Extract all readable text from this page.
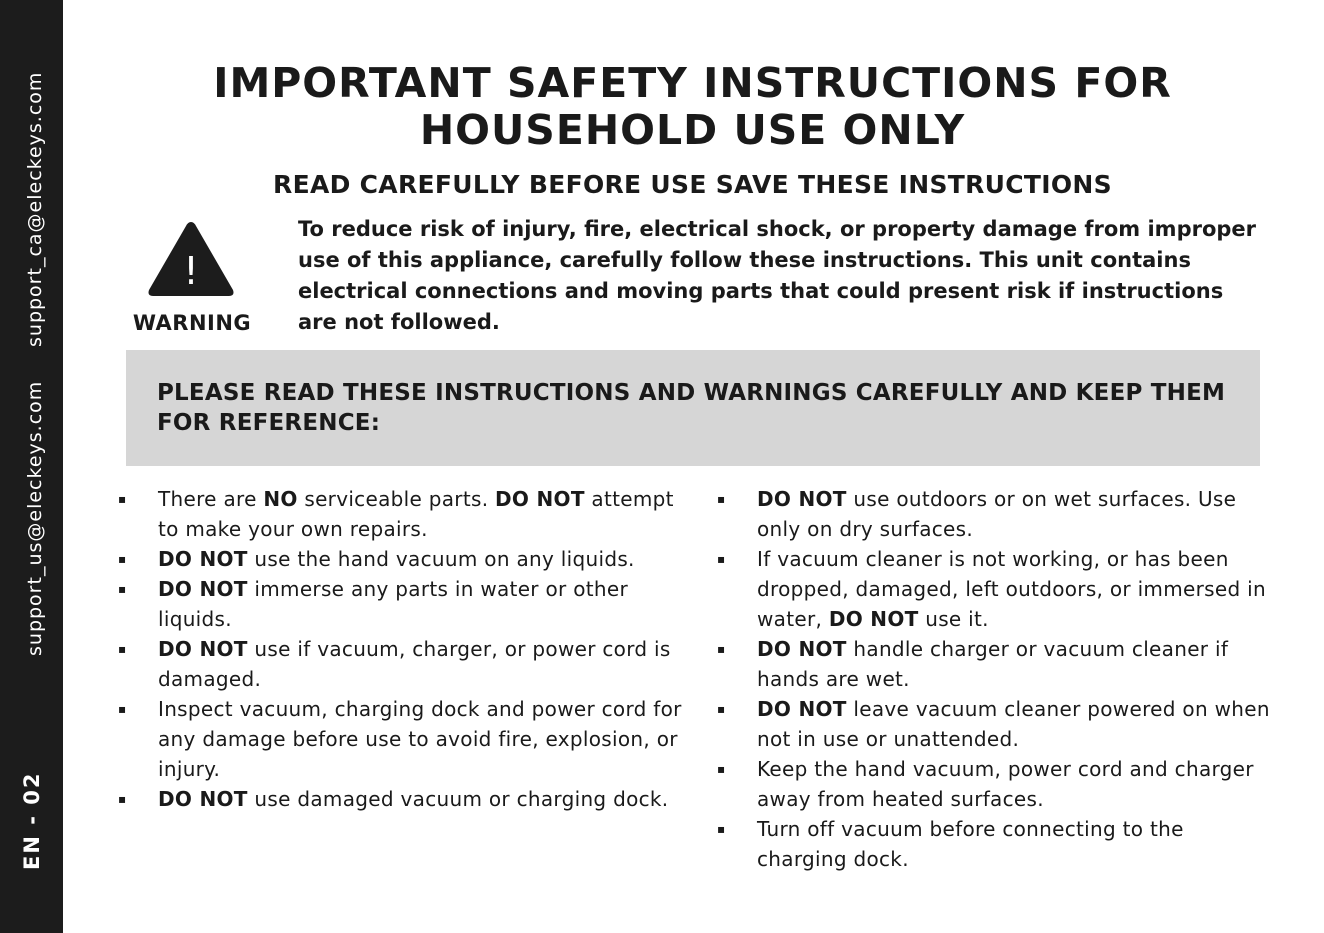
support_us@eleckeys.com
support_ca@eleckeys.com
EN - 02
IMPORTANT SAFETY INSTRUCTIONS FOR
HOUSEHOLD USE ONLY
READ CAREFULLY BEFORE USE SAVE THESE INSTRUCTIONS
!
WARNING

To reduce risk of injury, fire, electrical shock, or property damage from improper use of this appliance, carefully follow these instructions. This unit contains electrical connections and moving parts that could present risk if instructions are not followed.

PLEASE READ THESE INSTRUCTIONS AND WARNINGS CAREFULLY AND KEEP THEM FOR REFERENCE:

▪	There are NO serviceable parts. DO NOT attempt to make your own repairs.
▪	DO NOT use the hand vacuum on any liquids.
▪	DO NOT immerse any parts in water or other liquids.
▪	DO NOT use if vacuum, charger, or power cord is damaged.
▪	Inspect vacuum, charging dock and power cord for any damage before use to avoid fire, explosion, or injury.
▪	DO NOT use damaged vacuum or charging dock.
▪	DO NOT use outdoors or on wet surfaces. Use only on dry surfaces.
▪	If vacuum cleaner is not working, or has been dropped, damaged, left outdoors, or immersed in water, DO NOT use it.
▪	DO NOT handle charger or vacuum cleaner if hands are wet.
▪	DO NOT leave vacuum cleaner powered on when not in use or unattended.
▪	Keep the hand vacuum, power cord and charger away from heated surfaces.
▪	Turn off vacuum before connecting to the charging dock.
